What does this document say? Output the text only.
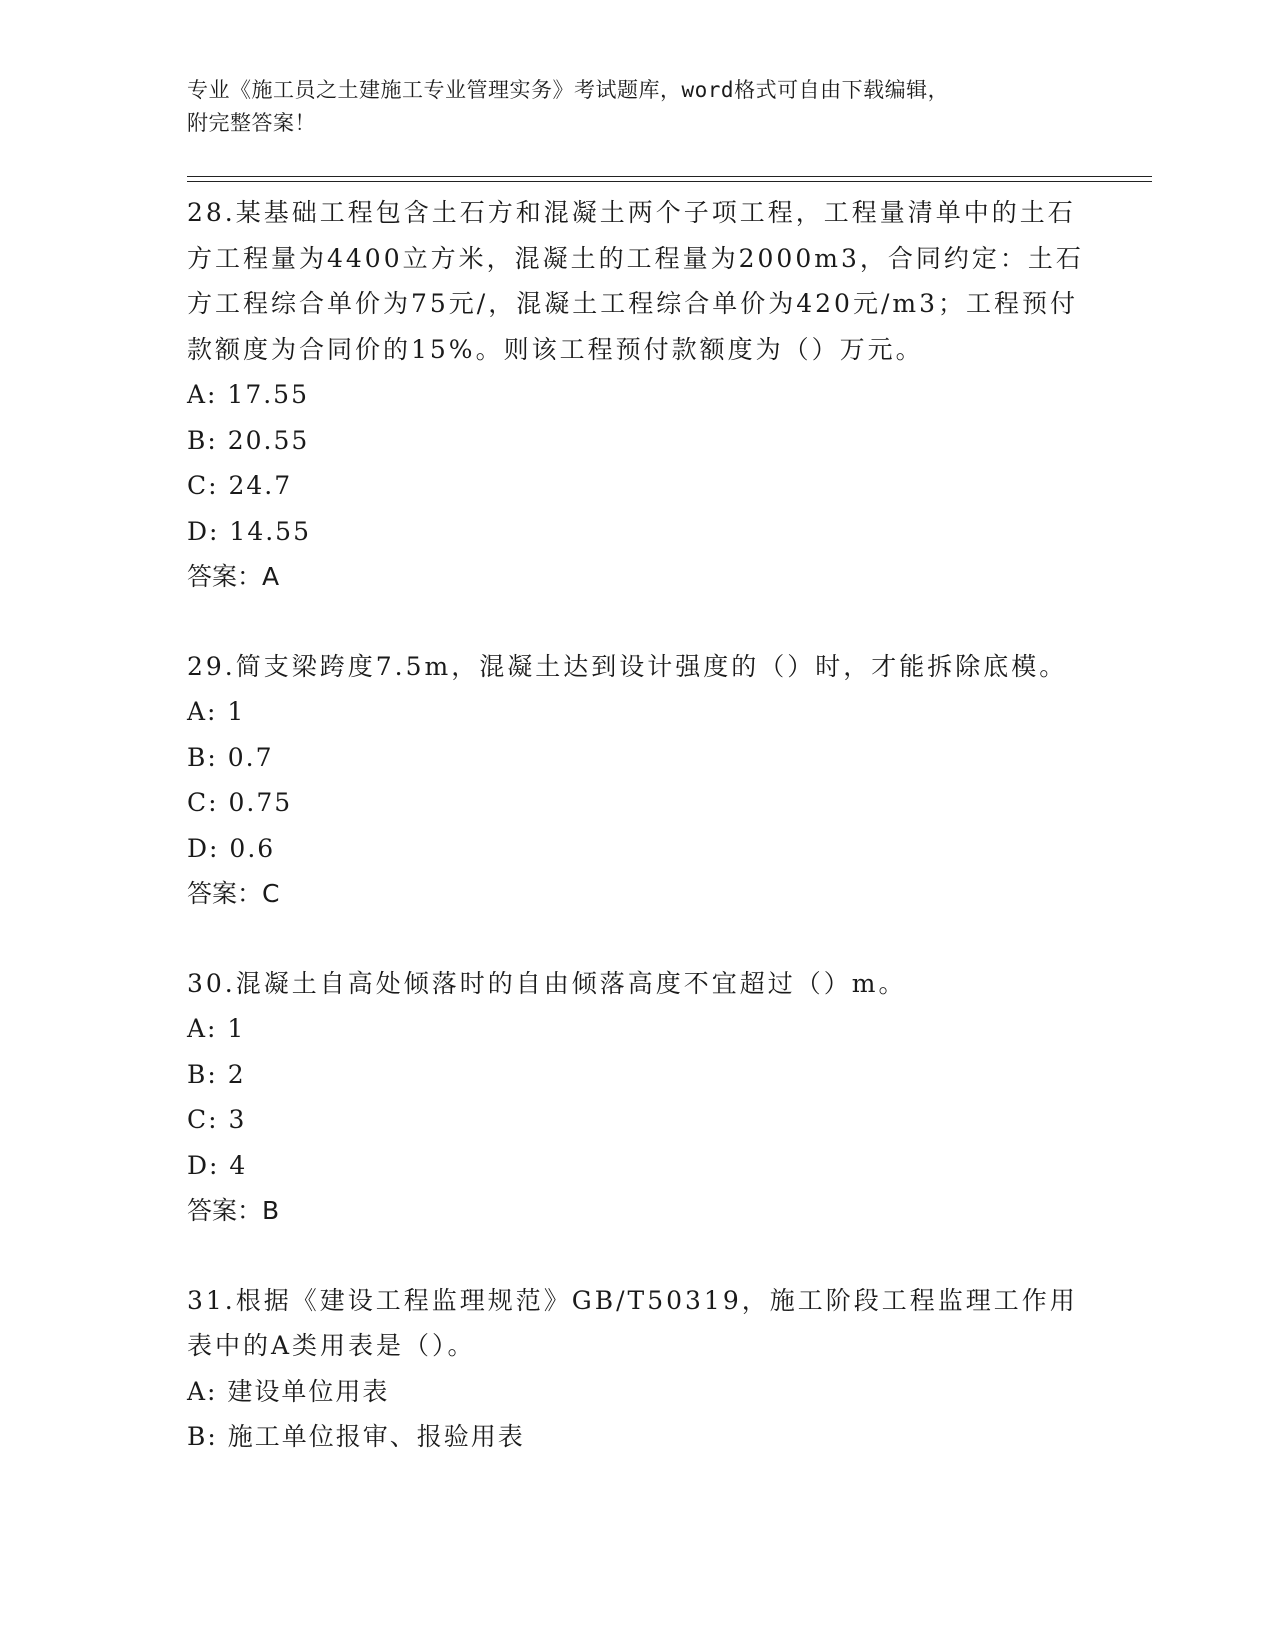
专业《施工员之土建施工专业管理实务》考试题库，word格式可自由下载编辑，
附完整答案！

28.某基础工程包含土石方和混凝土两个子项工程，工程量清单中的土石方工程量为4400立方米，混凝土的工程量为2000m3，合同约定：土石方工程综合单价为75元/，混凝土工程综合单价为420元/m3；工程预付款额度为合同价的15%。则该工程预付款额度为（）万元。

A: 17.55

B: 20.55

C: 24.7

D: 14.55

答案：A

29.简支梁跨度7.5m，混凝土达到设计强度的（）时，才能拆除底模。

A: 1

B: 0.7

C: 0.75

D: 0.6

答案：C

30.混凝土自高处倾落时的自由倾落高度不宜超过（）m。

A: 1

B: 2

C: 3

D: 4

答案：B

31.根据《建设工程监理规范》GB/T50319，施工阶段工程监理工作用表中的A类用表是（）。

A: 建设单位用表

B: 施工单位报审、报验用表
